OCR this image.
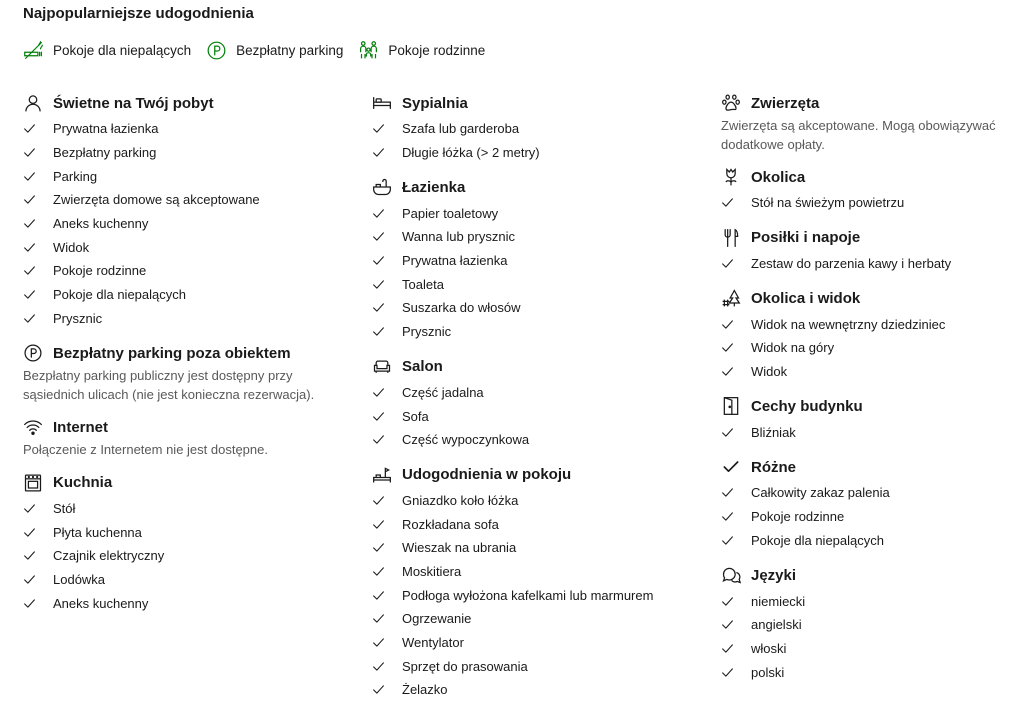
Najpopularniejsze udogodnienia
Pokoje dla niepalących	Bezpłatny parking	Pokoje rodzinne
Świetne na Twój pobyt
Prywatna łazienka
Bezpłatny parking
Parking
Zwierzęta domowe są akceptowane
Aneks kuchenny
Widok
Pokoje rodzinne
Pokoje dla niepalących
Prysznic
Bezpłatny parking poza obiektem
Bezpłatny parking publiczny jest dostępny przy sąsiednich ulicach (nie jest konieczna rezerwacja).
Internet
Połączenie z Internetem nie jest dostępne.
Kuchnia
Stół
Płyta kuchenna
Czajnik elektryczny
Lodówka
Aneks kuchenny
Sypialnia
Szafa lub garderoba
Długie łóżka (> 2 metry)
Łazienka
Papier toaletowy
Wanna lub prysznic
Prywatna łazienka
Toaleta
Suszarka do włosów
Prysznic
Salon
Część jadalna
Sofa
Część wypoczynkowa
Udogodnienia w pokoju
Gniazdko koło łóżka
Rozkładana sofa
Wieszak na ubrania
Moskitiera
Podłoga wyłożona kafelkami lub marmurem
Ogrzewanie
Wentylator
Sprzęt do prasowania
Żelazko
Zwierzęta
Zwierzęta są akceptowane. Mogą obowiązywać dodatkowe opłaty.
Okolica
Stół na świeżym powietrzu
Posiłki i napoje
Zestaw do parzenia kawy i herbaty
Okolica i widok
Widok na wewnętrzny dziedziniec
Widok na góry
Widok
Cechy budynku
Bliźniak
Różne
Całkowity zakaz palenia
Pokoje rodzinne
Pokoje dla niepalących
Języki
niemiecki
angielski
włoski
polski
